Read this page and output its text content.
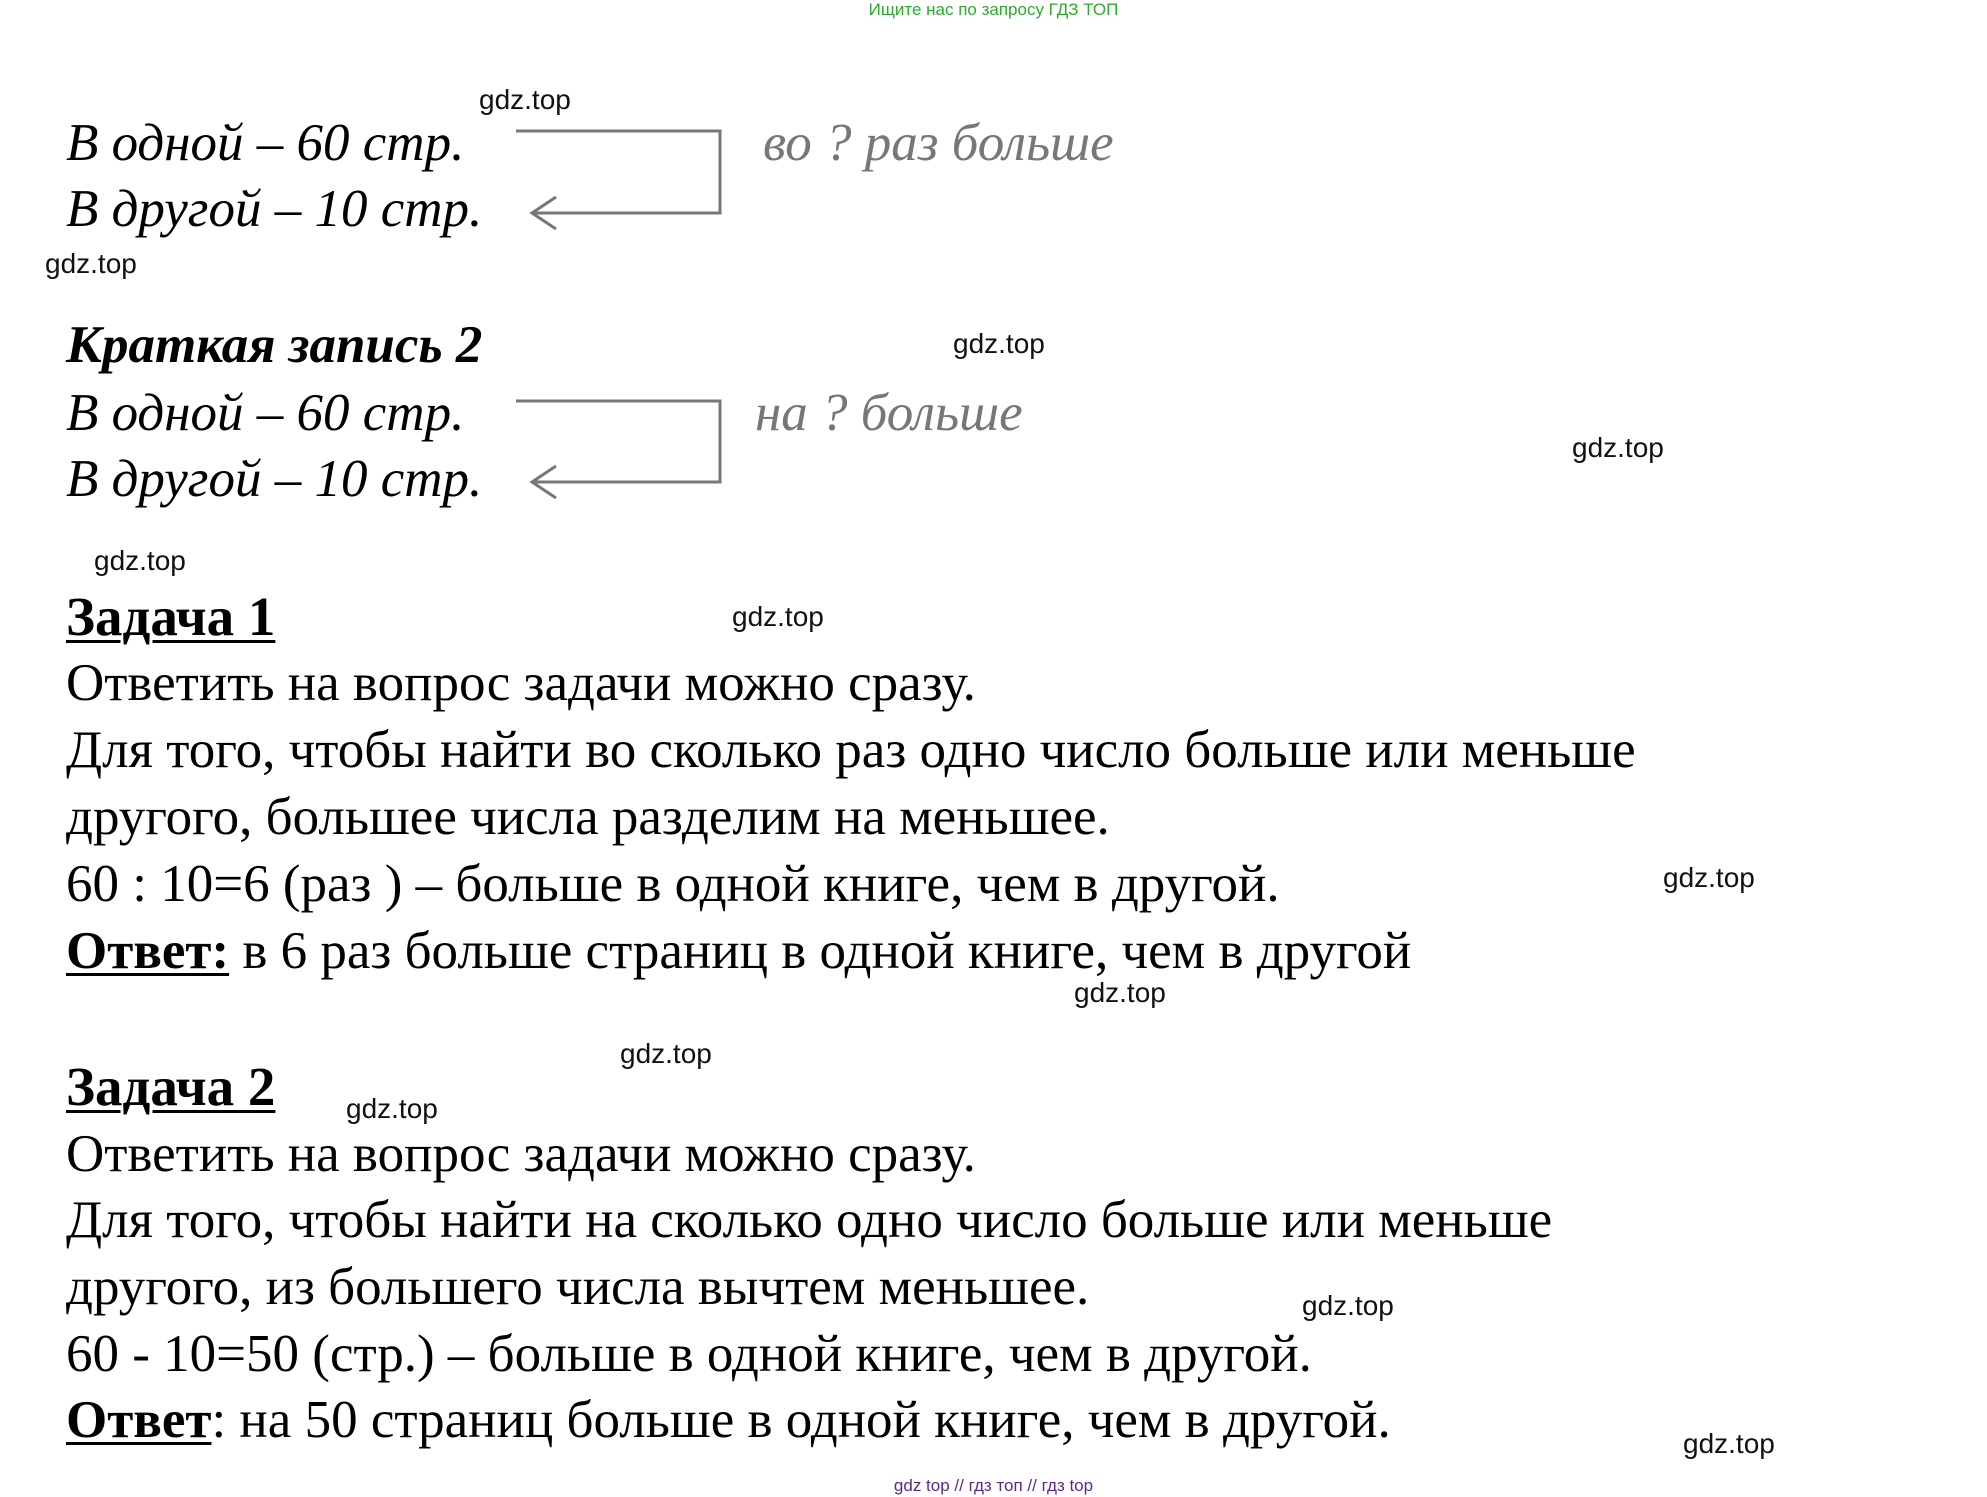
Ищите нас по запросу ГДЗ ТОП
В одной – 60 стр.
В другой – 10 стр.
во ? раз больше
Краткая запись 2
В одной – 60 стр.
В другой – 10 стр.
на ? больше
Задача 1
Ответить на вопрос задачи можно сразу.
Для того, чтобы найти во сколько раз одно число больше или меньше
другого, большее числа разделим на меньшее.
60 : 10=6 (раз ) – больше в одной книге, чем в другой.
Ответ: в 6 раз больше страниц в одной книге, чем в другой
Задача 2
Ответить на вопрос задачи можно сразу.
Для того, чтобы найти на сколько одно число больше или меньше
другого, из большего числа вычтем меньшее.
60 - 10=50 (стр.) – больше в одной книге, чем в другой.
Ответ: на 50 страниц больше в одной книге, чем в другой.
gdz.top
gdz.top
gdz.top
gdz.top
gdz.top
gdz.top
gdz.top
gdz.top
gdz.top
gdz.top
gdz.top
gdz.top
gdz top // гдз топ // гдз top
